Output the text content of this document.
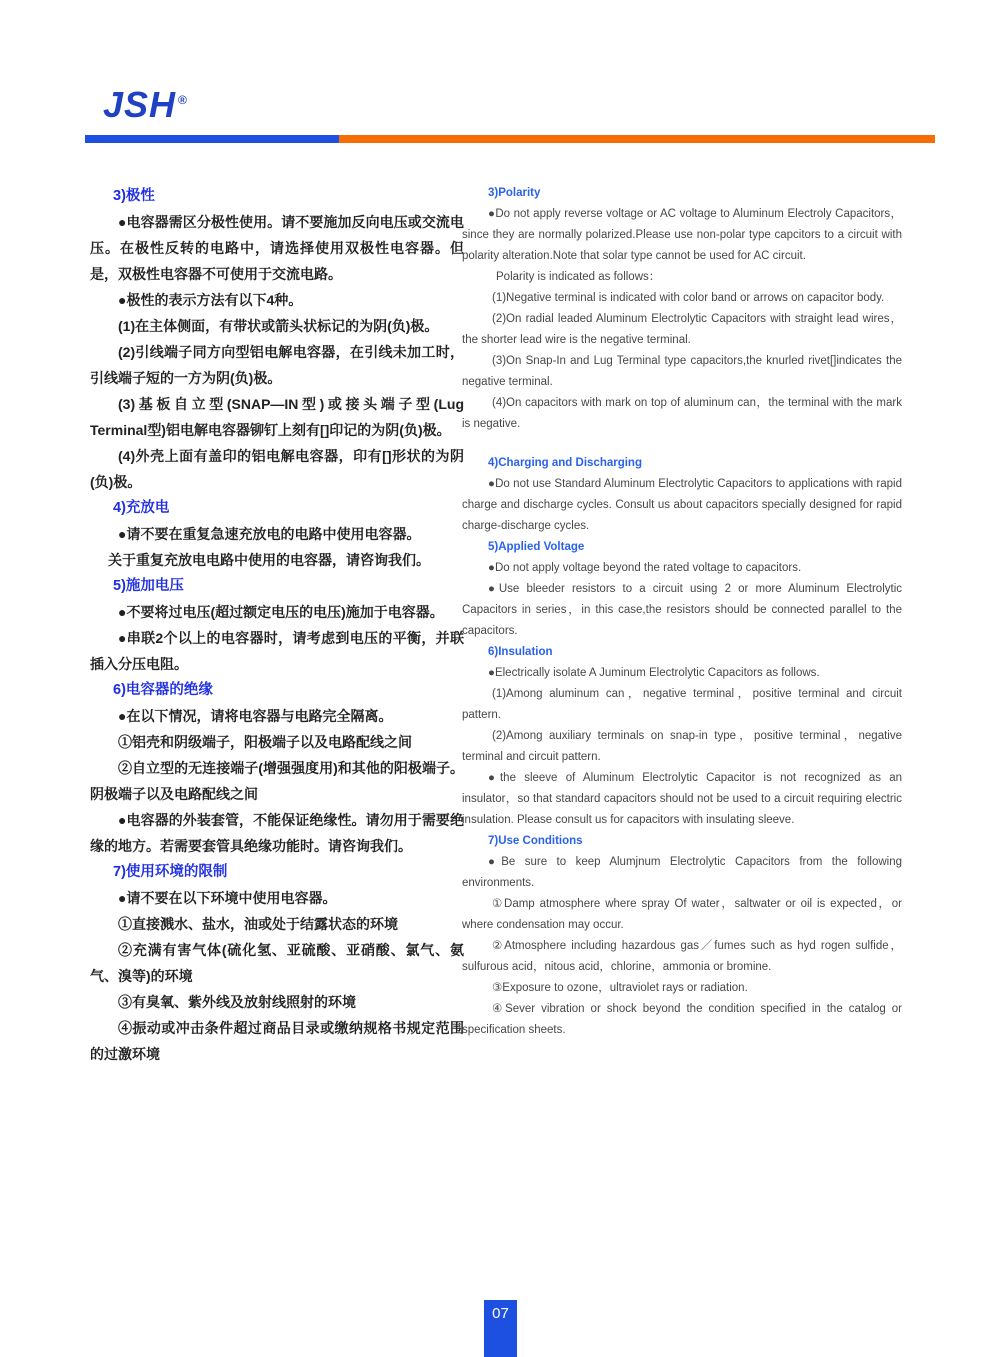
JSH ®
3)极性
●电容器需区分极性使用。请不要施加反向电压或交流电压。在极性反转的电路中，请选择使用双极性电容器。但是，双极性电容器不可使用于交流电路。
●极性的表示方法有以下4种。
(1)在主体侧面，有带状或箭头状标记的为阴(负)极。
(2)引线端子同方向型铝电解电容器，在引线未加工时，引线端子短的一方为阴(负)极。
(3)基板自立型(SNAP—IN型)或接头端子型(Lug Terminal型)铝电解电容器铆钉上刻有[]印记的为阴(负)极。
(4)外壳上面有盖印的铝电解电容器，印有[]形状的为阴(负)极。
4)充放电
●请不要在重复急速充放电的电路中使用电容器。
关于重复充放电电路中使用的电容器，请咨询我们。
5)施加电压
●不要将过电压(超过额定电压的电压)施加于电容器。
●串联2个以上的电容器时，请考虑到电压的平衡，并联插入分压电阻。
6)电容器的绝缘
●在以下情况，请将电容器与电路完全隔离。
①铝壳和阴级端子，阳极端子以及电路配线之间
②自立型的无连接端子(增强强度用)和其他的阳极端子。阴极端子以及电路配线之间
●电容器的外装套管，不能保证绝缘性。请勿用于需要绝缘的地方。若需要套管具绝缘功能时。请咨询我们。
7)使用环境的限制
●请不要在以下环境中使用电容器。
①直接溅水、盐水，油或处于结露状态的环境
②充满有害气体(硫化氢、亚硫酸、亚硝酸、氯气、氨气、溴等)的环境
③有臭氧、紫外线及放射线照射的环境
④振动或冲击条件超过商品目录或缴纳规格书规定范围的过激环境
3)Polarity
●Do not apply reverse voltage or AC voltage to Aluminum Electroly Capacitors，since they are normally polarized.Please use non-polar type capcitors to a circuit with polarity alteration.Note that solar type cannot be used for AC circuit.
Polarity is indicated as follows：
(1)Negative terminal is indicated with color band or arrows on capacitor body.
(2)On radial leaded Aluminum Electrolytic Capacitors with straight lead wires，the shorter lead wire is the negative terminal.
(3)On Snap-In and Lug Terminal type capacitors,the knurled rivet[]indicates the negative terminal.
(4)On capacitors with mark on top of aluminum can，the terminal with the mark is negative.
4)Charging and Discharging
●Do not use Standard Aluminum Electrolytic Capacitors to applications with rapid charge and discharge cycles. Consult us about capacitors specially designed for rapid charge-discharge cycles.
5)Applied Voltage
●Do not apply voltage beyond the rated voltage to capacitors.
●Use bleeder resistors to a circuit using 2 or more Aluminum Electrolytic Capacitors in series，in this case,the resistors should be connected parallel to the capacitors.
6)Insulation
●Electrically isolate A Juminum Electrolytic Capacitors as follows.
(1)Among aluminum can，negative terminal，positive terminal and circuit pattern.
(2)Among auxiliary terminals on snap-in type，positive terminal，negative terminal and circuit pattern.
●the sleeve of Aluminum Electrolytic Capacitor is not recognized as an insulator，so that standard capacitors should not be used to a circuit requiring electric insulation. Please consult us for capacitors with insulating sleeve.
7)Use Conditions
●Be sure to keep Alumjnum Electrolytic Capacitors from the following environments.
①Damp atmosphere where spray Of water，saltwater or oil is expected，or where condensation may occur.
②Atmosphere including hazardous gas／fumes such as hyd rogen sulfide，sulfurous acid，nitous acid，chlorine，ammonia or bromine.
③Exposure to ozone，ultraviolet rays or radiation.
④Sever vibration or shock beyond the condition specified in the catalog or specification sheets.
07
